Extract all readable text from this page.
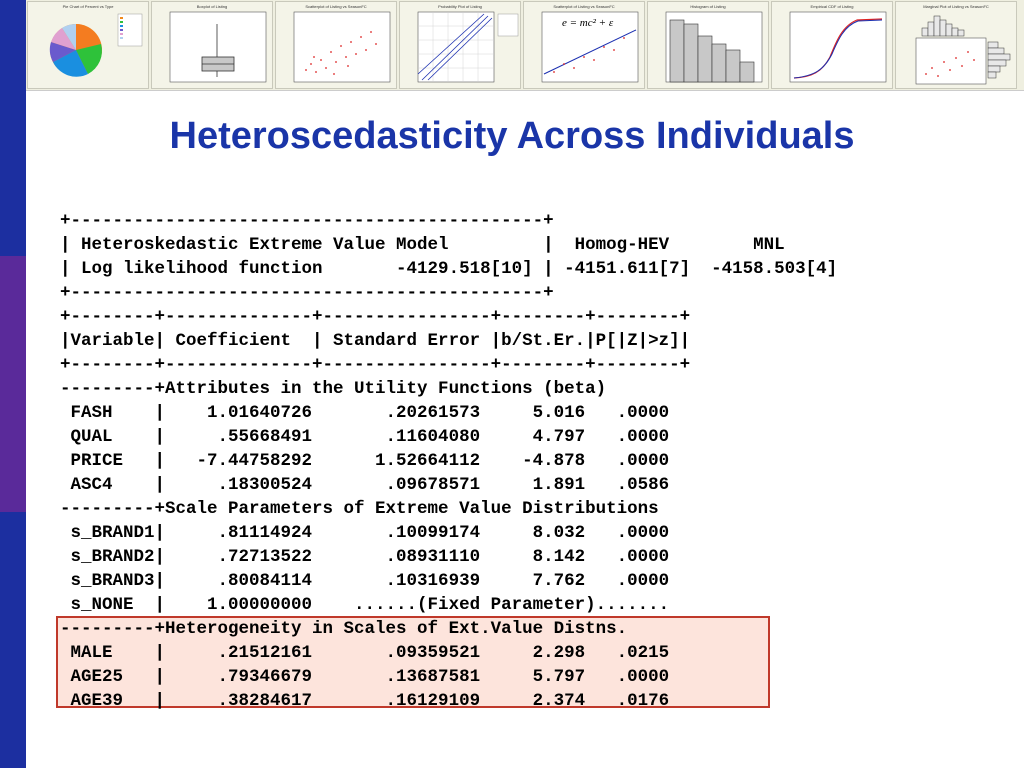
Pie Chart of Percent vs Type	Boxplot of Listing	Scatterplot of Listing vs SeasonFC	Probability Plot of Listing	Scatterplot of Listing vs SeasonFC
e = mc² + ε
Histogram of Listing	Empirical CDF of Listing	Marginal Plot of Listing vs SeasonFC
Heteroscedasticity Across Individuals
+---------------------------------------------+
| Heteroskedastic Extreme Value Model         |  Homog-HEV        MNL
| Log likelihood function       -4129.518[10] | -4151.611[7]  -4158.503[4]
+---------------------------------------------+
+--------+--------------+----------------+--------+--------+
|Variable| Coefficient  | Standard Error |b/St.Er.|P[|Z|>z]|
+--------+--------------+----------------+--------+--------+
---------+Attributes in the Utility Functions (beta)
FASH    |    1.01640726       .20261573     5.016   .0000
QUAL    |     .55668491       .11604080     4.797   .0000
PRICE   |   -7.44758292      1.52664112    -4.878   .0000
ASC4    |     .18300524       .09678571     1.891   .0586
---------+Scale Parameters of Extreme Value Distributions
s_BRAND1|     .81114924       .10099174     8.032   .0000
s_BRAND2|     .72713522       .08931110     8.142   .0000
s_BRAND3|     .80084114       .10316939     7.762   .0000
s_NONE  |    1.00000000    ......(Fixed Parameter).......
---------+Heterogeneity in Scales of Ext.Value Distns.
MALE    |     .21512161       .09359521     2.298   .0215
AGE25   |     .79346679       .13687581     5.797   .0000
AGE39   |     .38284617       .16129109     2.374   .0176
